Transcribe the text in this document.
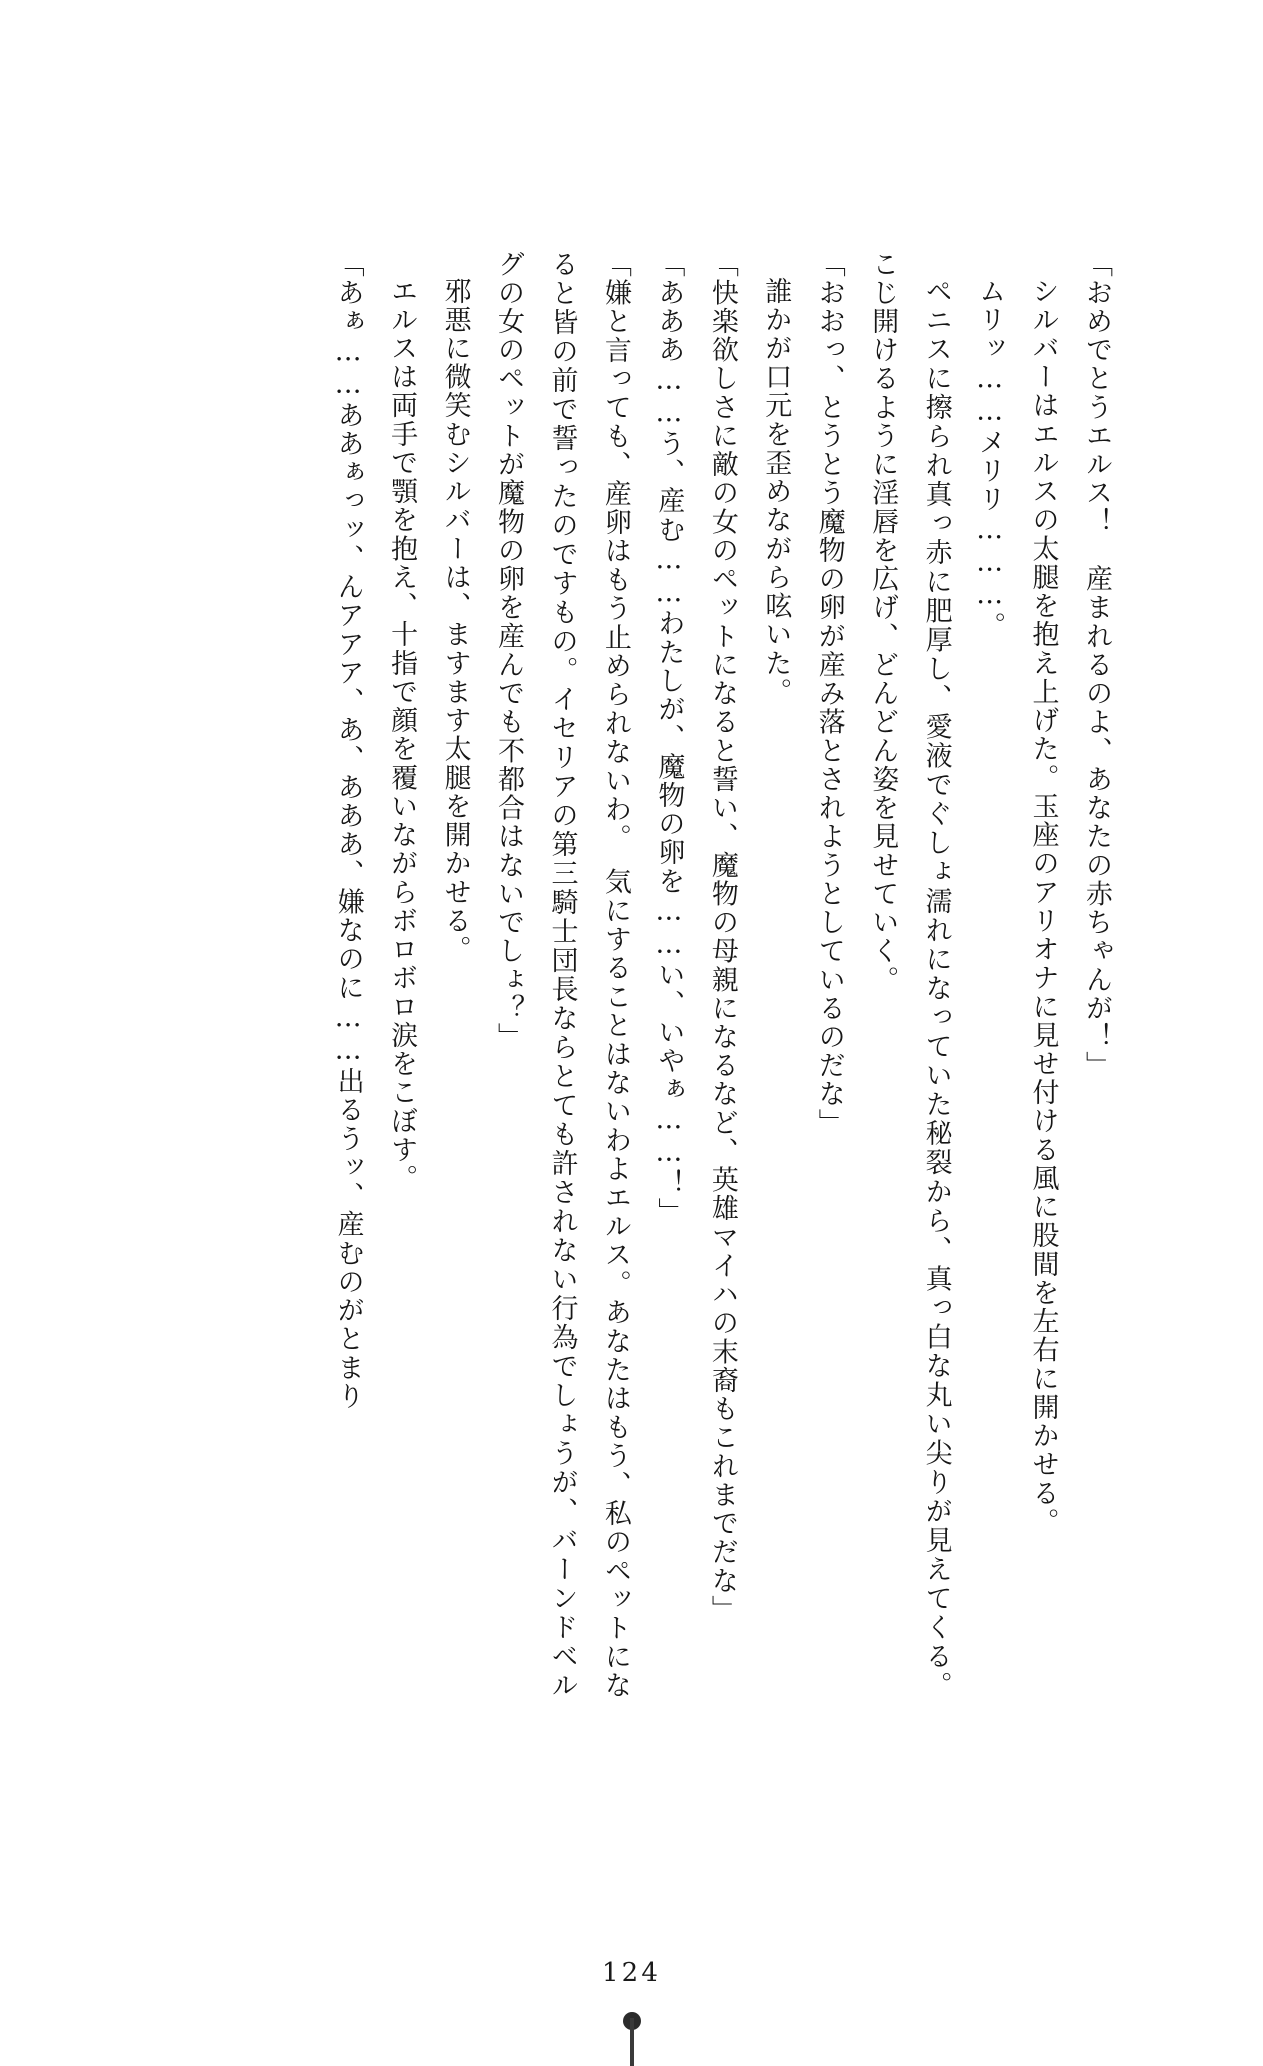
「おめでとうエルス！　産まれるのよ、あなたの赤ちゃんが！」

シルバーはエルスの太腿を抱え上げた。玉座のアリオナに見せ付ける風に股間を左右に開かせる。

ムリッ……メリリ………。

ペニスに擦られ真っ赤に肥厚し、愛液でぐしょ濡れになっていた秘裂から、真っ白な丸い尖りが見えてくる。こじ開けるように淫唇を広げ、どんどん姿を見せていく。

「おおっ、とうとう魔物の卵が産み落とされようとしているのだな」

誰かが口元を歪めながら呟いた。

「快楽欲しさに敵の女のペットになると誓い、魔物の母親になるなど、英雄マイハの末裔もこれまでだな」

「あああ……う、産む……わたしが、魔物の卵を……い、いやぁ……！」

「嫌と言っても、産卵はもう止められないわ。　気にすることはないわよエルス。あなたはもう、私のペットになると皆の前で誓ったのですもの。イセリアの第三騎士団長ならとても許されない行為でしょうが、バーンドベルグの女のペットが魔物の卵を産んでも不都合はないでしょ？」

邪悪に微笑むシルバーは、ますます太腿を開かせる。

エルスは両手で顎を抱え、十指で顔を覆いながらボロボロ涙をこぼす。

「あぁ……ああぁっッ、んアアア、あ、あああ、嫌なのに……出るうッ、産むのがとまり

124
